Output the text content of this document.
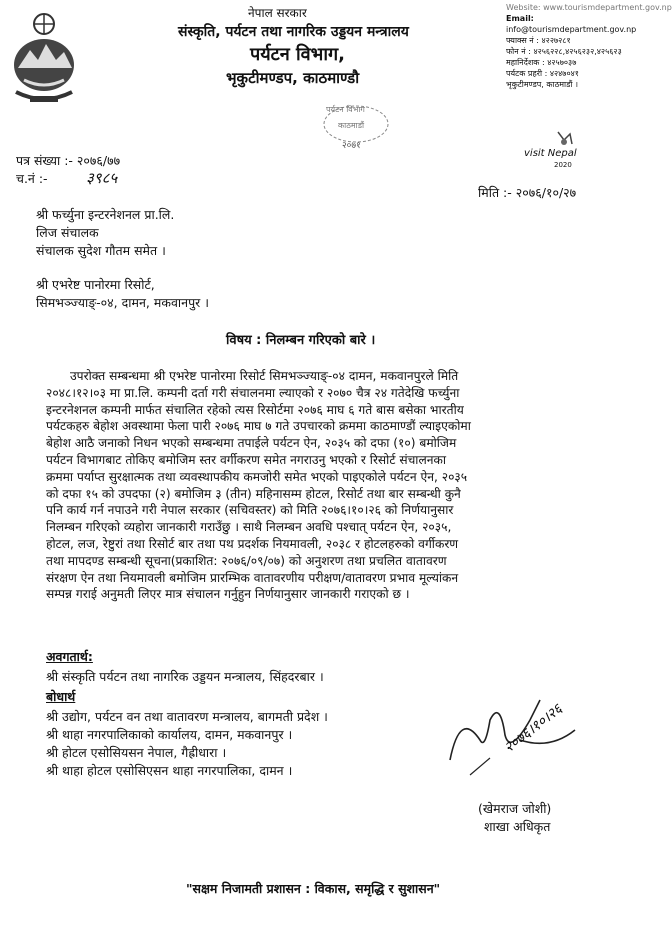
नेपाल सरकार
संस्कृति, पर्यटन तथा नागरिक उड्डयन मन्त्रालय
पर्यटन विभाग,
भृकुटीमण्डप, काठमाण्डौ
पर्यटन विभाग
काठमाडौं
२०७१
Website: www.tourismdepartment.gov.np
Email:
info@tourismdepartment.gov.np
फ्याक्स नं : ४२२७२८१
फोन नं : ४२५६२२८,४२५६२३२,४२५६२३
महानिर्देशक : ४२५७०३७
पर्यटक प्रहरी : ४२४७०४१
भृकुटीमण्डप, काठमाडौं ।
visit Nepal
2020
पत्र संख्या :- २०७६/७७
च.नं :-	३९८५
मिति :- २०७६/१०/२७
श्री फर्च्युना इन्टरनेशनल प्रा.लि.
लिज संचालक
संचालक सुदेश गौतम समेत ।
श्री एभरेष्ट पानोरमा रिसोर्ट,
सिमभञ्ज्याङ्-०४, दामन, मकवानपुर ।
विषय : निलम्बन गरिएको बारे ।
उपरोक्त सम्बन्धमा श्री एभरेष्ट पानोरमा रिसोर्ट सिमभञ्ज्याङ्-०४ दामन, मकवानपुरले मिति
२०४८।१२।०३ मा प्रा.लि. कम्पनी दर्ता गरी संचालनमा ल्याएको र २०७० चैत्र २४ गतेदेखि फर्च्युना
इन्टरनेशनल कम्पनी मार्फत संचालित रहेको त्यस रिसोर्टमा २०७६ माघ ६ गते बास बसेका भारतीय
पर्यटकहरु बेहोश अवस्थामा फेला पारी २०७६ माघ ७ गते उपचारको क्रममा काठमाण्डौं ल्याइएकोमा
बेहोश आठै जनाको निधन भएको सम्बन्धमा तपाईले पर्यटन ऐन, २०३५ को दफा (१०) बमोजिम
पर्यटन विभागबाट तोकिए बमोजिम स्तर वर्गीकरण समेत नगराउनु भएको र रिसोर्ट संचालनका
क्रममा पर्याप्त सुरक्षात्मक तथा व्यवस्थापकीय कमजोरी समेत भएको पाइएकोले पर्यटन ऐन, २०३५
को दफा १५ को उपदफा (२) बमोजिम ३ (तीन) महिनासम्म होटल, रिसोर्ट तथा बार सम्बन्धी कुनै
पनि कार्य गर्न नपाउने गरी नेपाल सरकार (सचिवस्तर) को मिति २०७६।१०।२६ को निर्णयानुसार
निलम्बन गरिएको व्यहोरा जानकारी गराउँछु । साथै निलम्बन अवधि पश्चात् पर्यटन ऐन, २०३५,
होटल, लज, रेष्टुरां तथा रिसोर्ट बार तथा पथ प्रदर्शक नियमावली, २०३८ र होटलहरुको वर्गीकरण
तथा मापदण्ड सम्बन्धी सूचना(प्रकाशित: २०७६/०९/०७) को अनुशरण तथा प्रचलित वातावरण
संरक्षण ऐन तथा नियमावली बमोजिम प्रारम्भिक वातावरणीय परीक्षण/वातावरण प्रभाव मूल्यांकन
सम्पन्न गराई अनुमती लिएर मात्र संचालन गर्नुहुन निर्णयानुसार जानकारी गराएको छ ।
अवगतार्थ:
श्री संस्कृति पर्यटन तथा नागरिक उड्डयन मन्त्रालय, सिंहदरबार ।
बोधार्थ
श्री उद्योग, पर्यटन वन तथा वातावरण मन्त्रालय, बागमती प्रदेश ।
श्री थाहा नगरपालिकाको कार्यालय, दामन, मकवानपुर ।
श्री होटल एसोसियसन नेपाल, गैह्रीधारा ।
श्री थाहा होटल एसोसिएसन थाहा नगरपालिका, दामन ।
२०७६।१०।२६
(खेमराज जोशी)
शाखा अधिकृत
"सक्षम निजामती प्रशासन : विकास, समृद्धि र सुशासन"
